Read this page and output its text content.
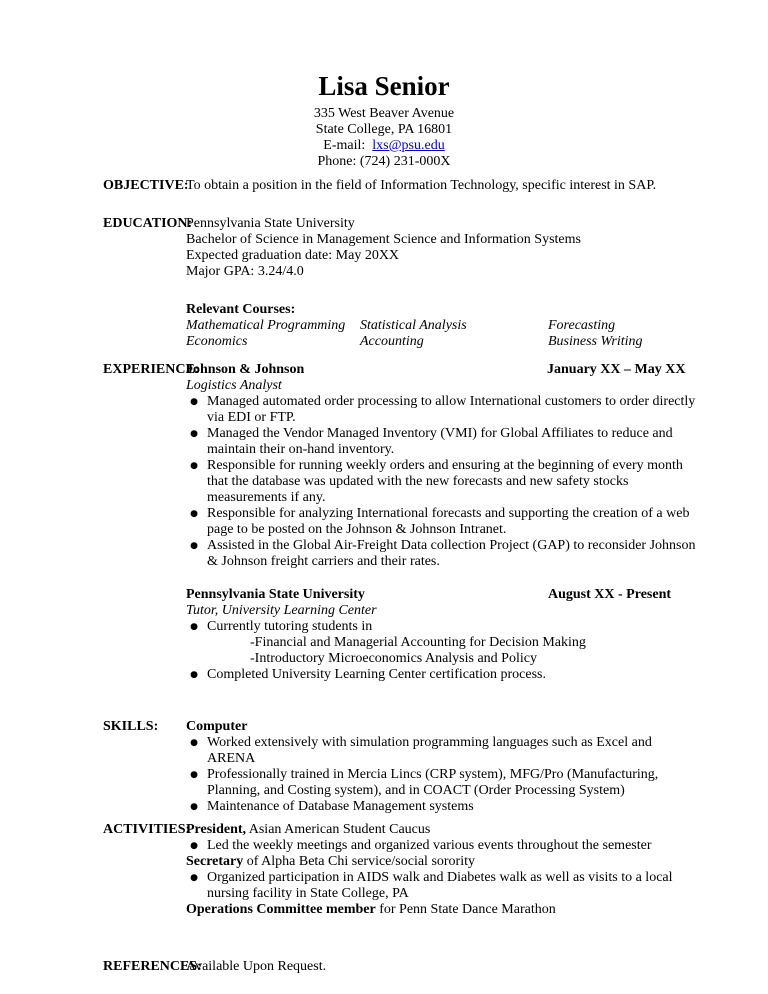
Lisa Senior
335 West Beaver Avenue
State College, PA 16801
E-mail:  lxs@psu.edu
Phone: (724) 231-000X
OBJECTIVE:
To obtain a position in the field of Information Technology, specific interest in SAP.
EDUCATION:
Pennsylvania State University
Bachelor of Science in Management Science and Information Systems
Expected graduation date: May 20XX
Major GPA: 3.24/4.0
Relevant Courses:
Mathematical Programming
Economics
Statistical Analysis
Accounting
Forecasting
Business Writing
EXPERIENCE:
Johnson & Johnson	January XX – May XX
Logistics Analyst
● Managed automated order processing to allow International customers to order directly
via EDI or FTP.
● Managed the Vendor Managed Inventory (VMI) for Global Affiliates to reduce and
maintain their on-hand inventory.
● Responsible for running weekly orders and ensuring at the beginning of every month
that the database was updated with the new forecasts and new safety stocks
measurements if any.
● Responsible for analyzing International forecasts and supporting the creation of a web
page to be posted on the Johnson & Johnson Intranet.
● Assisted in the Global Air-Freight Data collection Project (GAP) to reconsider Johnson
& Johnson freight carriers and their rates.
Pennsylvania State University	August XX - Present
Tutor, University Learning Center
● Currently tutoring students in
-Financial and Managerial Accounting for Decision Making
-Introductory Microeconomics Analysis and Policy
● Completed University Learning Center certification process.
SKILLS: Computer
● Worked extensively with simulation programming languages such as Excel and
ARENA
● Professionally trained in Mercia Lincs (CRP system), MFG/Pro (Manufacturing,
Planning, and Costing system), and in COACT (Order Processing System)
● Maintenance of Database Management systems
ACTIVITIES:
President, Asian American Student Caucus
● Led the weekly meetings and organized various events throughout the semester
Secretary of Alpha Beta Chi service/social sorority
● Organized participation in AIDS walk and Diabetes walk as well as visits to a local
nursing facility in State College, PA
Operations Committee member for Penn State Dance Marathon
REFERENCES:
Available Upon Request.
